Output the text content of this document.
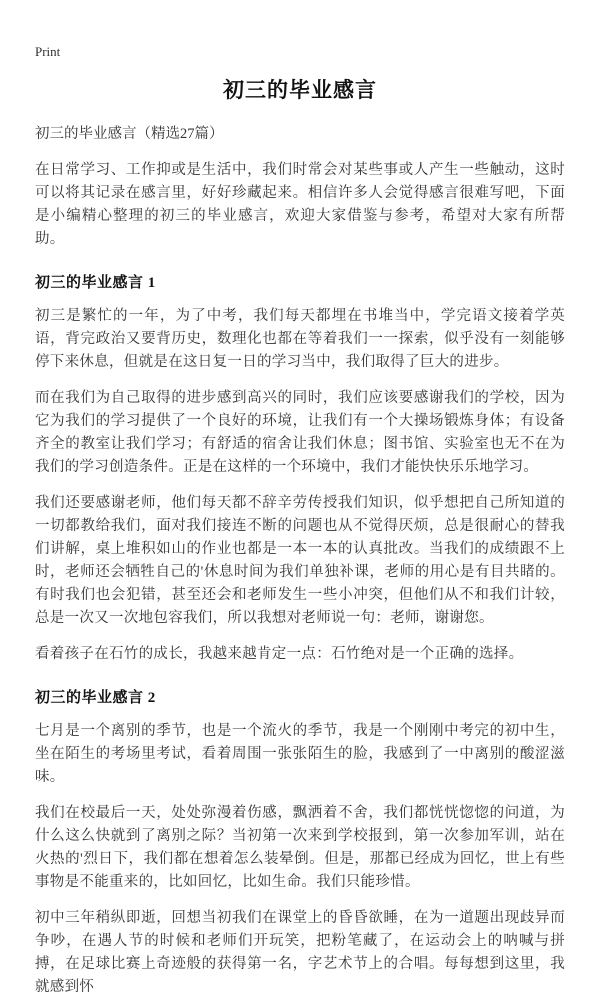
Print
初三的毕业感言
初三的毕业感言（精选27篇）

在日常学习、工作抑或是生活中，我们时常会对某些事或人产生一些触动，这时可以将其记录在感言里，好好珍藏起来。相信许多人会觉得感言很难写吧，下面是小编精心整理的初三的毕业感言，欢迎大家借鉴与参考，希望对大家有所帮助。

初三的毕业感言 1

初三是繁忙的一年，为了中考，我们每天都埋在书堆当中，学完语文接着学英语，背完政治又要背历史，数理化也都在等着我们一一探索，似乎没有一刻能够停下来休息，但就是在这日复一日的学习当中，我们取得了巨大的进步。

而在我们为自己取得的进步感到高兴的同时，我们应该要感谢我们的学校，因为它为我们的学习提供了一个良好的环境，让我们有一个大操场锻炼身体；有设备齐全的教室让我们学习；有舒适的宿舍让我们休息；图书馆、实验室也无不在为我们的学习创造条件。正是在这样的一个环境中，我们才能快快乐乐地学习。

我们还要感谢老师，他们每天都不辞辛劳传授我们知识，似乎想把自己所知道的一切都教给我们，面对我们接连不断的问题也从不觉得厌烦，总是很耐心的替我们讲解，桌上堆积如山的作业也都是一本一本的认真批改。当我们的成绩跟不上时，老师还会牺牲自己的'休息时间为我们单独补课，老师的用心是有目共睹的。有时我们也会犯错，甚至还会和老师发生一些小冲突，但他们从不和我们计较，总是一次又一次地包容我们，所以我想对老师说一句：老师，谢谢您。

看着孩子在石竹的成长，我越来越肯定一点：石竹绝对是一个正确的选择。

初三的毕业感言 2

七月是一个离别的季节，也是一个流火的季节，我是一个刚刚中考完的初中生，坐在陌生的考场里考试，看着周围一张张陌生的脸，我感到了一中离别的酸涩滋味。

我们在校最后一天，处处弥漫着伤感，飘洒着不舍，我们都恍恍惚惚的问道，为什么这么快就到了离别之际？当初第一次来到学校报到，第一次参加军训，站在火热的'烈日下，我们都在想着怎么装晕倒。但是，那都已经成为回忆，世上有些事物是不能重来的，比如回忆，比如生命。我们只能珍惜。

初中三年稍纵即逝，回想当初我们在课堂上的昏昏欲睡，在为一道题出现歧异而争吵，在遇人节的时候和老师们开玩笑，把粉笔藏了，在运动会上的呐喊与拼搏，在足球比赛上奇迹般的获得第一名，字艺术节上的合唱。每每想到这里，我就感到怀
